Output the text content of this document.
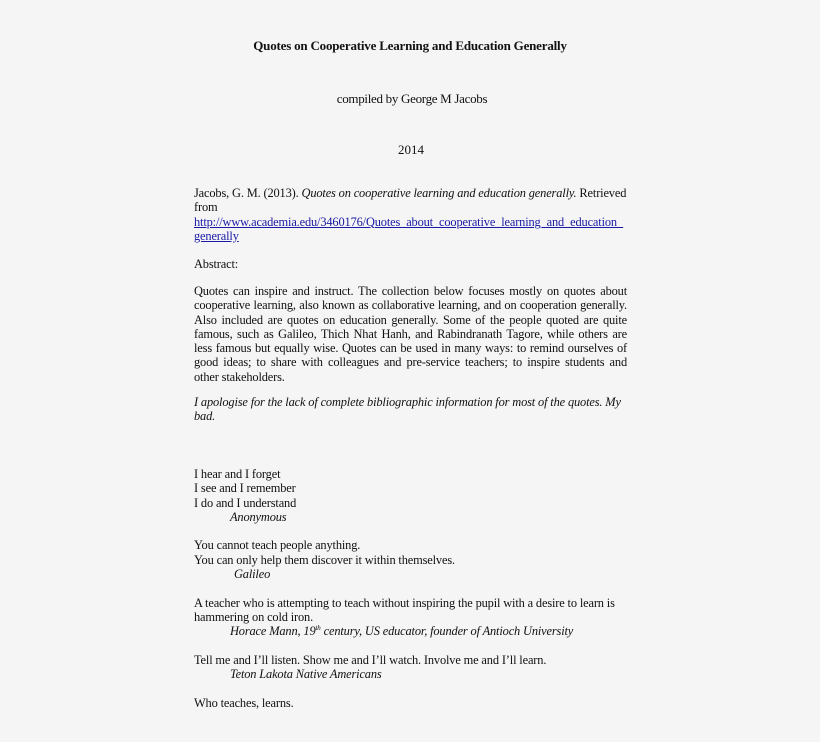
Quotes on Cooperative Learning and Education Generally
compiled by George M Jacobs
2014
Jacobs, G. M. (2013). Quotes on cooperative learning and education generally. Retrieved from
http://www.academia.edu/3460176/Quotes_about_cooperative_learning_and_education_generally
Abstract:
Quotes can inspire and instruct. The collection below focuses mostly on quotes about cooperative learning, also known as collaborative learning, and on cooperation generally. Also included are quotes on education generally. Some of the people quoted are quite famous, such as Galileo, Thich Nhat Hanh, and Rabindranath Tagore, while others are less famous but equally wise. Quotes can be used in many ways: to remind ourselves of good ideas; to share with colleagues and pre-service teachers; to inspire students and other stakeholders.
I apologise for the lack of complete bibliographic information for most of the quotes. My bad.
I hear and I forget
I see and I remember
I do and I understand
Anonymous
You cannot teach people anything.
You can only help them discover it within themselves.
Galileo
A teacher who is attempting to teach without inspiring the pupil with a desire to learn is hammering on cold iron.
Horace Mann, 19th century, US educator, founder of Antioch University
Tell me and I’ll listen. Show me and I’ll watch. Involve me and I’ll learn.
Teton Lakota Native Americans
Who teaches, learns.
